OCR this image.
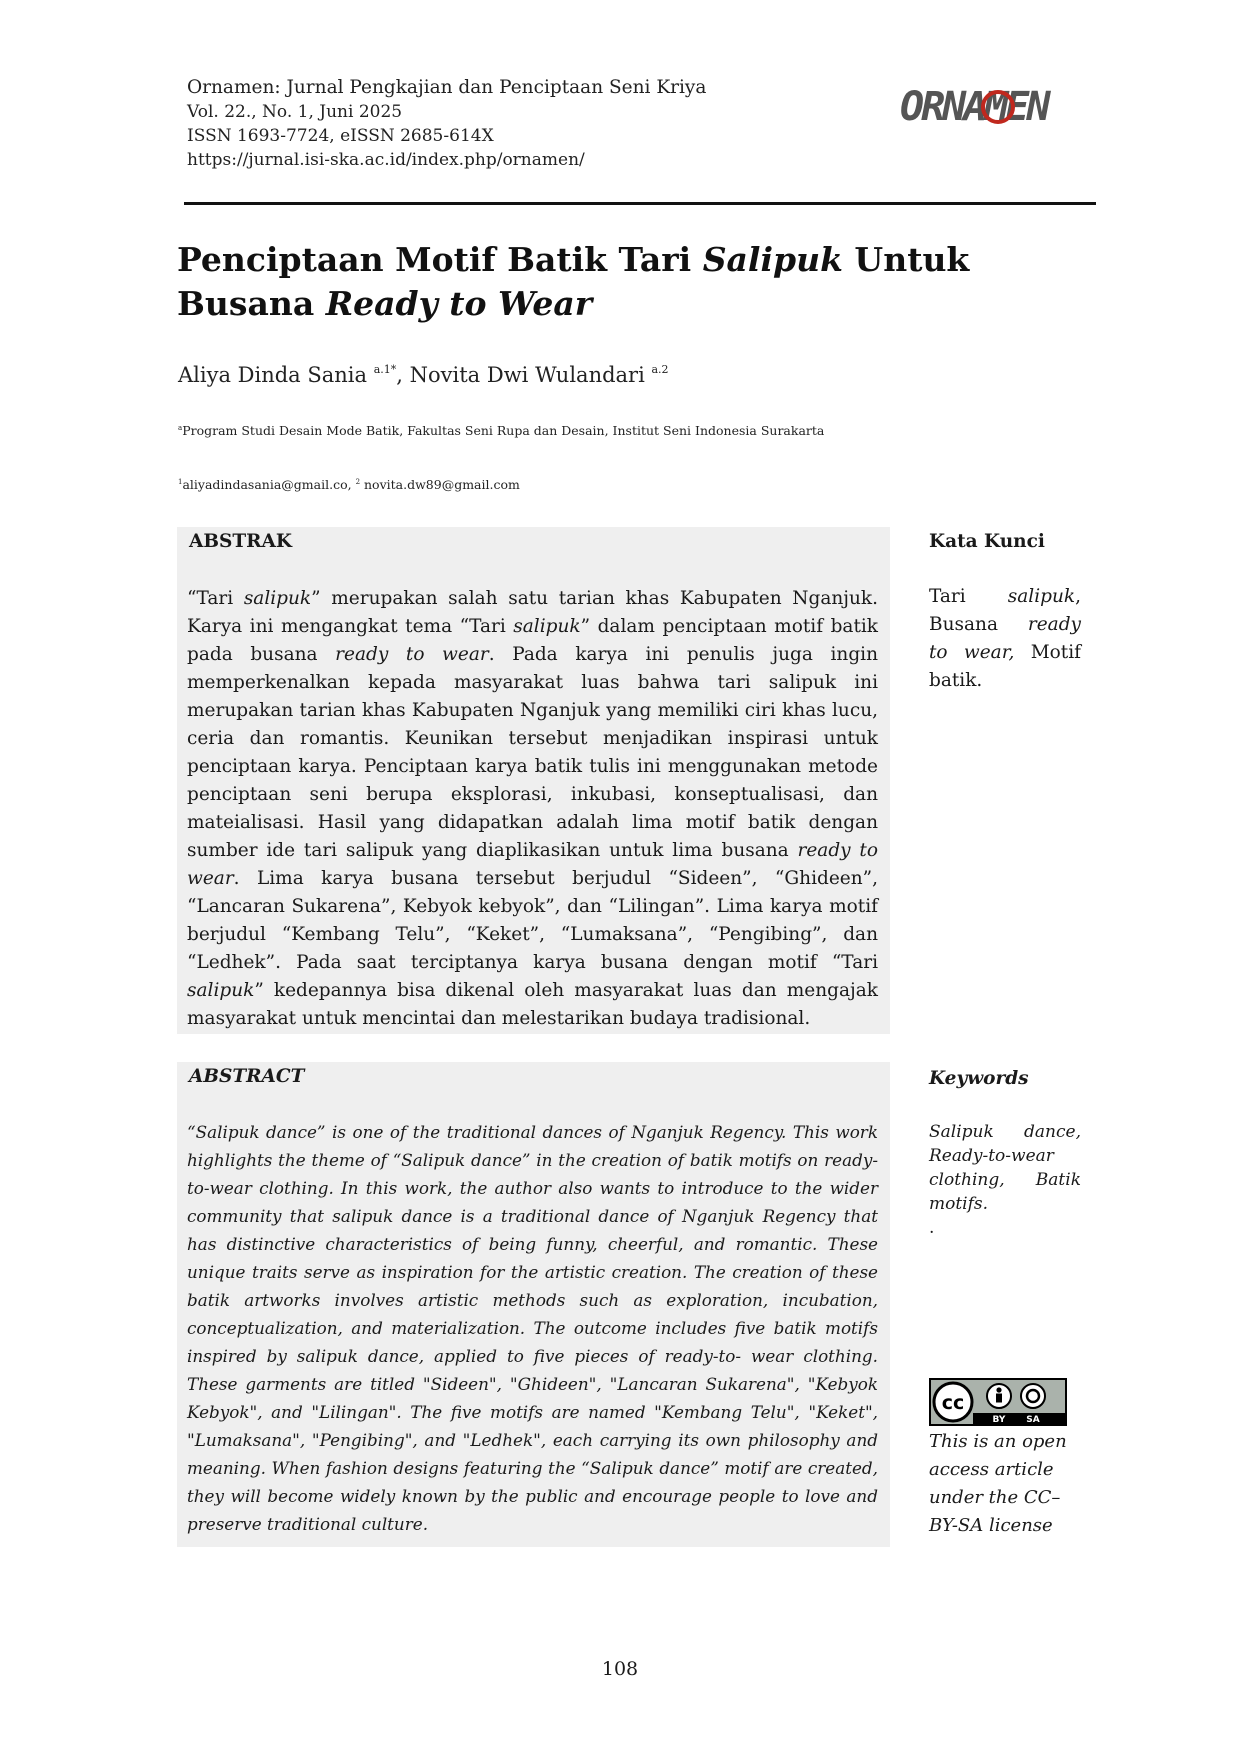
Ornamen: Jurnal Pengkajian dan Penciptaan Seni Kriya
Vol. 22., No. 1, Juni 2025
ISSN 1693-7724, eISSN 2685-614X
https://jurnal.isi-ska.ac.id/index.php/ornamen/
ORNAMEN
Penciptaan Motif Batik Tari Salipuk Untuk Busana Ready to Wear
Aliya Dinda Sania $^{a.1*}$, Novita Dwi Wulandari $^{a.2}$
$^a$Program Studi Desain Mode Batik, Fakultas Seni Rupa dan Desain, Institut Seni Indonesia Surakarta
$^1$aliyadindasania@gmail.co, $^2$ novita.dw89@gmail.com
ABSTRAK
“Tari salipuk” merupakan salah satu tarian khas Kabupaten Nganjuk. Karya ini mengangkat tema “Tari salipuk” dalam penciptaan motif batik pada busana ready to wear. Pada karya ini penulis juga ingin memperkenalkan kepada masyarakat luas bahwa tari salipuk ini merupakan tarian khas Kabupaten Nganjuk yang memiliki ciri khas lucu, ceria dan romantis. Keunikan tersebut menjadikan inspirasi untuk penciptaan karya. Penciptaan karya batik tulis ini menggunakan metode penciptaan seni berupa eksplorasi, inkubasi, konseptualisasi, dan mateialisasi. Hasil yang didapatkan adalah lima motif batik dengan sumber ide tari salipuk yang diaplikasikan untuk lima busana ready to wear. Lima karya busana tersebut berjudul “Sideen”, “Ghideen”, “Lancaran Sukarena”, Kebyok kebyok”, dan “Lilingan”. Lima karya motif berjudul “Kembang Telu”, “Keket”, “Lumaksana”, “Pengibing”, dan “Ledhek”. Pada saat terciptanya karya busana dengan motif “Tari salipuk” kedepannya bisa dikenal oleh masyarakat luas dan mengajak masyarakat untuk mencintai dan melestarikan budaya tradisional.
Kata Kunci
Tari salipuk, Busana ready to wear, Motif batik.
ABSTRACT
“Salipuk dance” is one of the traditional dances of Nganjuk Regency. This work highlights the theme of “Salipuk dance” in the creation of batik motifs on ready-to-wear clothing. In this work, the author also wants to introduce to the wider community that salipuk dance is a traditional dance of Nganjuk Regency that has distinctive characteristics of being funny, cheerful, and romantic. These unique traits serve as inspiration for the artistic creation. The creation of these batik artworks involves artistic methods such as exploration, incubation, conceptualization, and materialization. The outcome includes five batik motifs inspired by salipuk dance, applied to five pieces of ready-to- wear clothing. These garments are titled "Sideen", "Ghideen", "Lancaran Sukarena", "Kebyok Kebyok", and "Lilingan". The five motifs are named "Kembang Telu", "Keket", "Lumaksana", "Pengibing", and "Ledhek", each carrying its own philosophy and meaning. When fashion designs featuring the “Salipuk dance” motif are created, they will become widely known by the public and encourage people to love and preserve traditional culture.
Keywords
Salipuk dance, Ready-to-wear clothing, Batik motifs.
.
cc
BY SA
This is an open access article under the CC–BY-SA license
108
